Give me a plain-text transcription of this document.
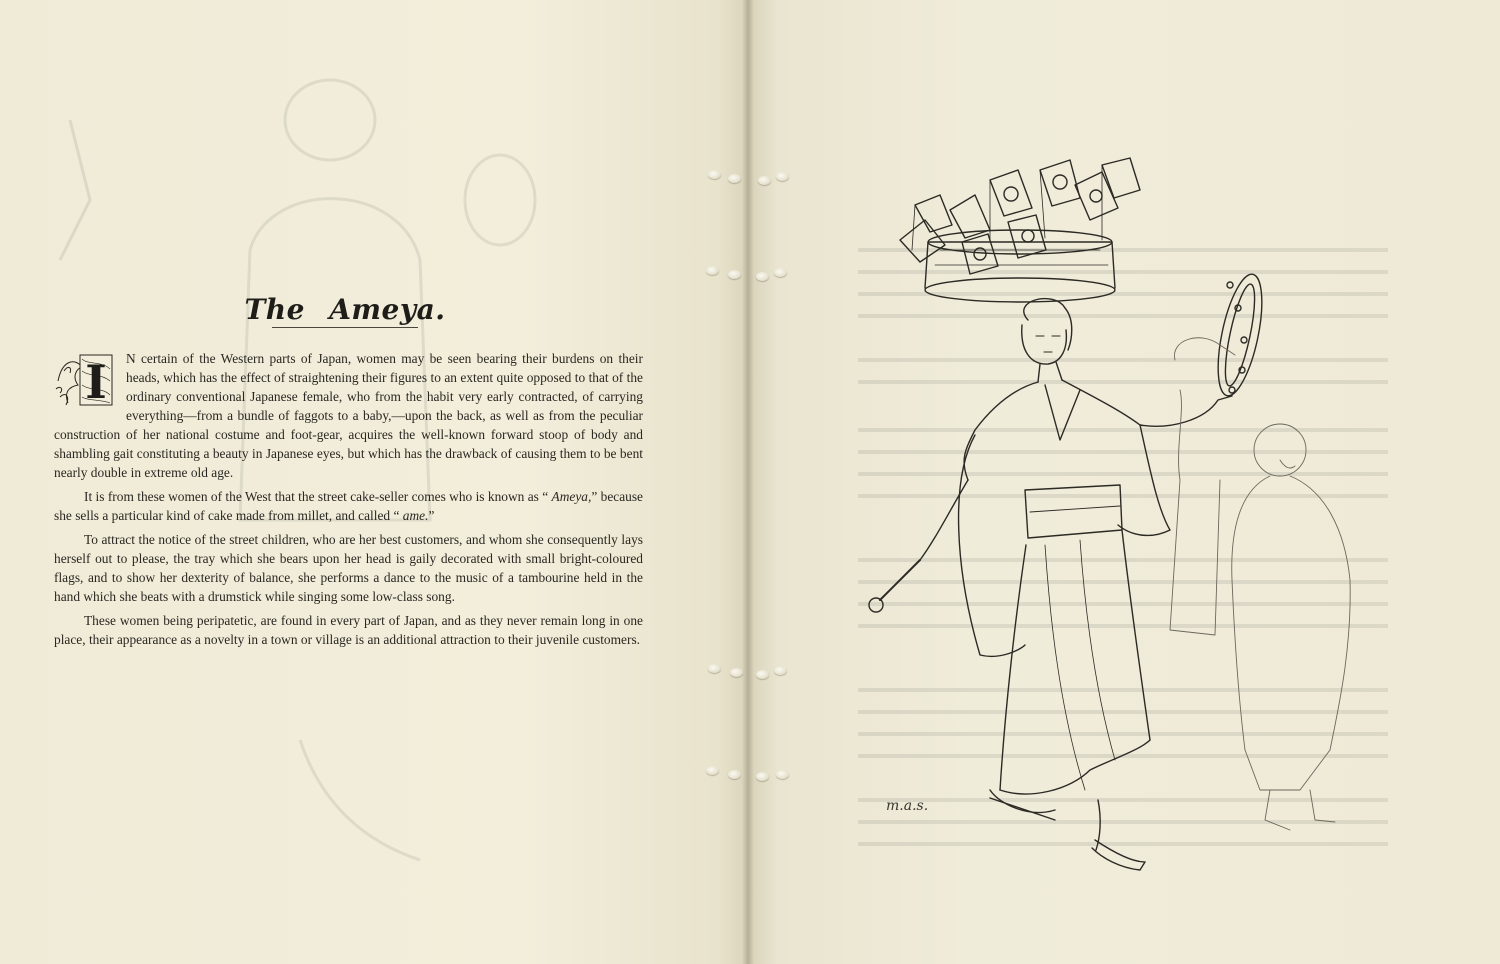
The Ameya.

I N certain of the Western parts of Japan, women may be seen bearing their burdens on their heads, which has the effect of straightening their figures to an extent quite opposed to that of the ordinary conventional Japanese female, who from the habit very early contracted, of carrying everything—from a bundle of faggots to a baby,—upon the back, as well as from the peculiar construction of her national costume and foot-gear, acquires the well-known forward stoop of body and shambling gait constituting a beauty in Japanese eyes, but which has the drawback of causing them to be bent nearly double in extreme old age.

It is from these women of the West that the street cake-seller comes who is known as “ Ameya,” because she sells a particular kind of cake made from millet, and called “ ame.”

To attract the notice of the street children, who are her best customers, and whom she consequently lays herself out to please, the tray which she bears upon her head is gaily decorated with small bright-coloured flags, and to show her dexterity of balance, she performs a dance to the music of a tambourine held in the hand which she beats with a drumstick while singing some low-class song.

These women being peripatetic, are found in every part of Japan, and as they never remain long in one place, their appearance as a novelty in a town or village is an additional attraction to their juvenile customers.

m.a.s.
